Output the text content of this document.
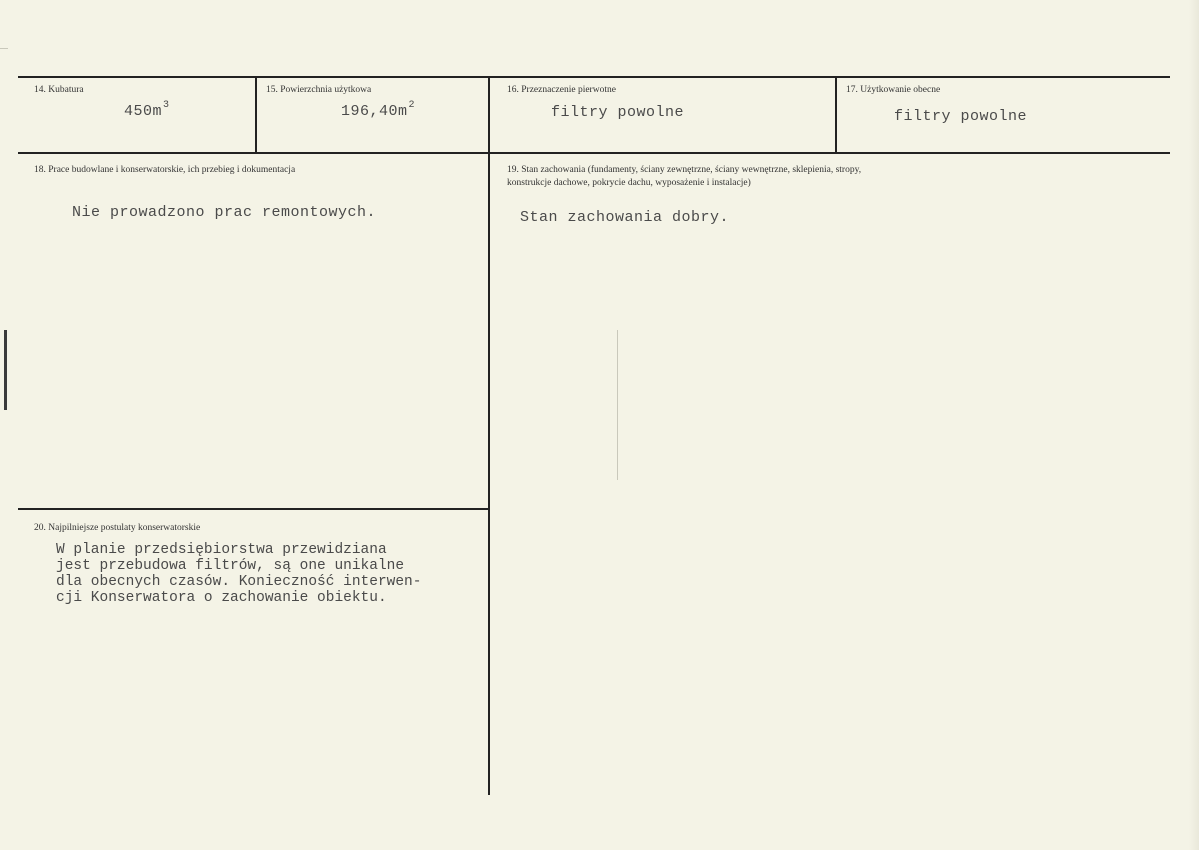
14. Kubatura
$450m^3$
15. Powierzchnia użytkowa
$196,40m^2$
16. Przeznaczenie pierwotne
filtry powolne
17. Użytkowanie obecne
filtry powolne
18. Prace budowlane i konserwatorskie, ich przebieg i dokumentacja
Nie prowadzono prac remontowych.
19. Stan zachowania (fundamenty, ściany zewnętrzne, ściany wewnętrzne, sklepienia, stropy,
konstrukcje dachowe, pokrycie dachu, wyposażenie i instalacje)
Stan zachowania dobry.
20. Najpilniejsze postulaty konserwatorskie
W planie przedsiębiorstwa przewidziana
jest przebudowa filtrów, są one unikalne
dla obecnych czasów. Konieczność interwen-
cji Konserwatora o zachowanie obiektu.
